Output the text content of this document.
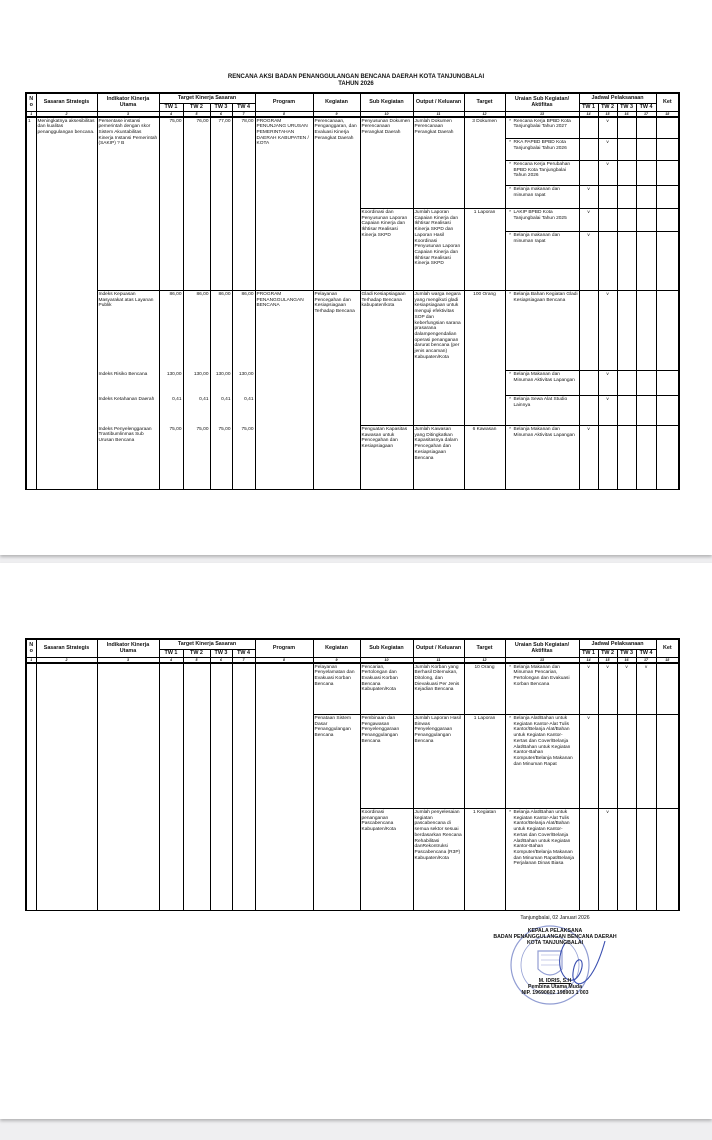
RENCANA AKSI BADAN PENANGGULANGAN BENCANA DAERAH KOTA TANJUNGBALAI
TAHUN 2026
No	Sasaran Strategis	Indikator Kinerja Utama	Target Kinerja Sasaran				Program	Kegiatan	Sub Kegiatan	Output / Keluaran	Target	Uraian Sub Kegiatan/ Aktifitas	Jadwal Pelaksanaan				Ket
			TW 1	TW 2	TW 3	TW 4							TW 1	TW 2	TW 3	TW 4	
1	2	3	4	5	6	7	8	9	10	11	12	13	14	15	16	17	18
1	Meningkatnya aksesibilitas dan kualitas penanggulangan bencana.	Persentase instansi pemerintah dengan skor Sistem Akuntabilitas Kinerja Instansi Pemerintah (SAKIP) ? B	75,00	76,00	77,00	78,00	PROGRAM PENUNJANG URUSAN PEMERINTAHAN DAERAH KABUPATEN / KOTA	Perencanaan, Penganggaran, dan Evaluasi Kinerja Perangkat Daerah	Penyusunan Dokumen Perencanaan Perangkat Daerah	Jumlah Dokumen Perencanaan Perangkat Daerah	3 Dokumen	* Rencana Kerja BPBD Kota Tanjungbalai Tahun 2027		v			

												* RKA PAPBD BPBD Kota Tanjungbalai Tahun 2026		v			

												* Rencana Kerja Perubahan BPBD Kota Tanjungbalai Tahun 2026		v			

												* Belanja makanan dan minuman rapat	v				
									Koordinasi dan Penyusunan Laporan Capaian Kinerja dan Ikhtisar Realisasi Kinerja SKPD	Jumlah Laporan Capaian Kinerja dan Ikhtisar Realisasi Kinerja SKPD dan Laporan Hasil Koordinasi Penyusunan Laporan Capaian Kinerja dan Ikhtisar Realisasi Kinerja SKPD	1 Laporan	* LAKIP BPBD Kota Tanjungbalai Tahun 2025	v				

												* Belanja makanan dan minuman rapat	v				
		Indeks Kepuasan Masyarakat atas Layanan Publik	86,00	86,00	86,00	86,00	PROGRAM PENANGGULANGAN BENCANA	Pelayanan Pencegahan dan Kesiapsiagaan Terhadap Bencana	Gladi Kesiapsiagaan Terhadap Bencana kabupaten/kota	Jumlah warga negara yang mengikuti gladi kesiapsiagaan untuk menguji efektivitas SOP dan keberfungsian sarana prasarana dalampengendalian operasi penanganan darurat bencana (per jenis ancaman) Kabupaten/Kota	100 Orang	* Belanja Bahan Kegiatan Gladi Kesiapsiagaan Bencana		v			
		Indeks Risiko Bencana	130,00	130,00	130,00	130,00						* Belanja Makanan dan Minuman Aktivitas Lapangan		v			
		Indeks Ketahanan Daerah	0,41	0,41	0,41	0,41						* Belanja Sewa Alat Studio Lainnya		v			
		Indeks Penyelenggaraan Trantibumlinmas Sub Urusan Bencana	75,00	75,00	75,00	75,00			Penguatan Kapasitas Kawasan untuk Pencegahan dan Kesiapsiagaan	Jumlah Kawasan yang Ditingkatkan Kapasitasnya dalam Pencegahan dan Kesiapsiagaan Bencana	6 Kawasan	* Belanja Makanan dan Minuman Aktivitas Lapangan	v				
No	Sasaran Strategis	Indikator Kinerja Utama	Target Kinerja Sasaran				Program	Kegiatan	Sub Kegiatan	Output / Keluaran	Target	Uraian Sub Kegiatan/ Aktifitas	Jadwal Pelaksanaan				Ket
			TW 1	TW 2	TW 3	TW 4							TW 1	TW 2	TW 3	TW 4	
1	2	3	4	5	6	7	8	9	10	11	12	13	14	15	16	17	18
								Pelayanan Penyelamatan dan Evakuasi Korban Bencana	Pencarian, Pertolongan dan Evakuasi Korban Bencana Kabupaten/Kota	Jumlah Korban yang Berhasil Ditemukan, Ditolong, dan Dievakuasi Per Jenis Kejadian Bencana	10 Orang	* Belanja Makanan dan Minuman Pencarian, Pertolongan dan Evakuasi Korban Bencana	v	v	v	v	
								Penataan Sistem Dasar Penanggulangan Bencana	Pembinaan dan Pengawasan Penyelenggaraan Penanggulangan Bencana	Jumlah Laporan Hasil Binwas Penyelenggaraan Penanggulangan Bencana	1 Laporan	* Belanja Alat/Bahan untuk Kegiatan Kantor-Alat Tulis Kantor/Belanja Alat/Bahan untuk Kegiatan Kantor- Kertas dan Cover/Belanja Alat/Bahan untuk Kegiatan Kantor-Bahan Komputer/Belanja Makanan dan Minuman Rapat	v				
									Koordinasi penanganan Pascabencana Kabupaten/Kota	Jumlah penyelesaian kegiatan pascabencana di semua sektor sesuai berdasarkan Rencana Rehabilitasi danRekontruksi Pascabencana (R3P) Kabupaten/Kota	1 Kegiatan	* Belanja Alat/Bahan untuk Kegiatan Kantor-Alat Tulis Kantor/Belanja Alat/Bahan untuk Kegiatan Kantor- Kertas dan Cover/Belanja Alat/Bahan untuk Kegiatan Kantor-Bahan Komputer/Belanja Makanan dan Minuman Rapat/Belanja Perjalanan Dinas Biasa		v			
Tanjungbalai, 02 Januari 2026
KEPALA PELAKSANA
BADAN PENANGGULANGAN BENCANA DAERAH
KOTA TANJUNGBALAI
M. IDRIS, S.H
Pembina Utama Muda
NIP. 19690602 198903 1 003
